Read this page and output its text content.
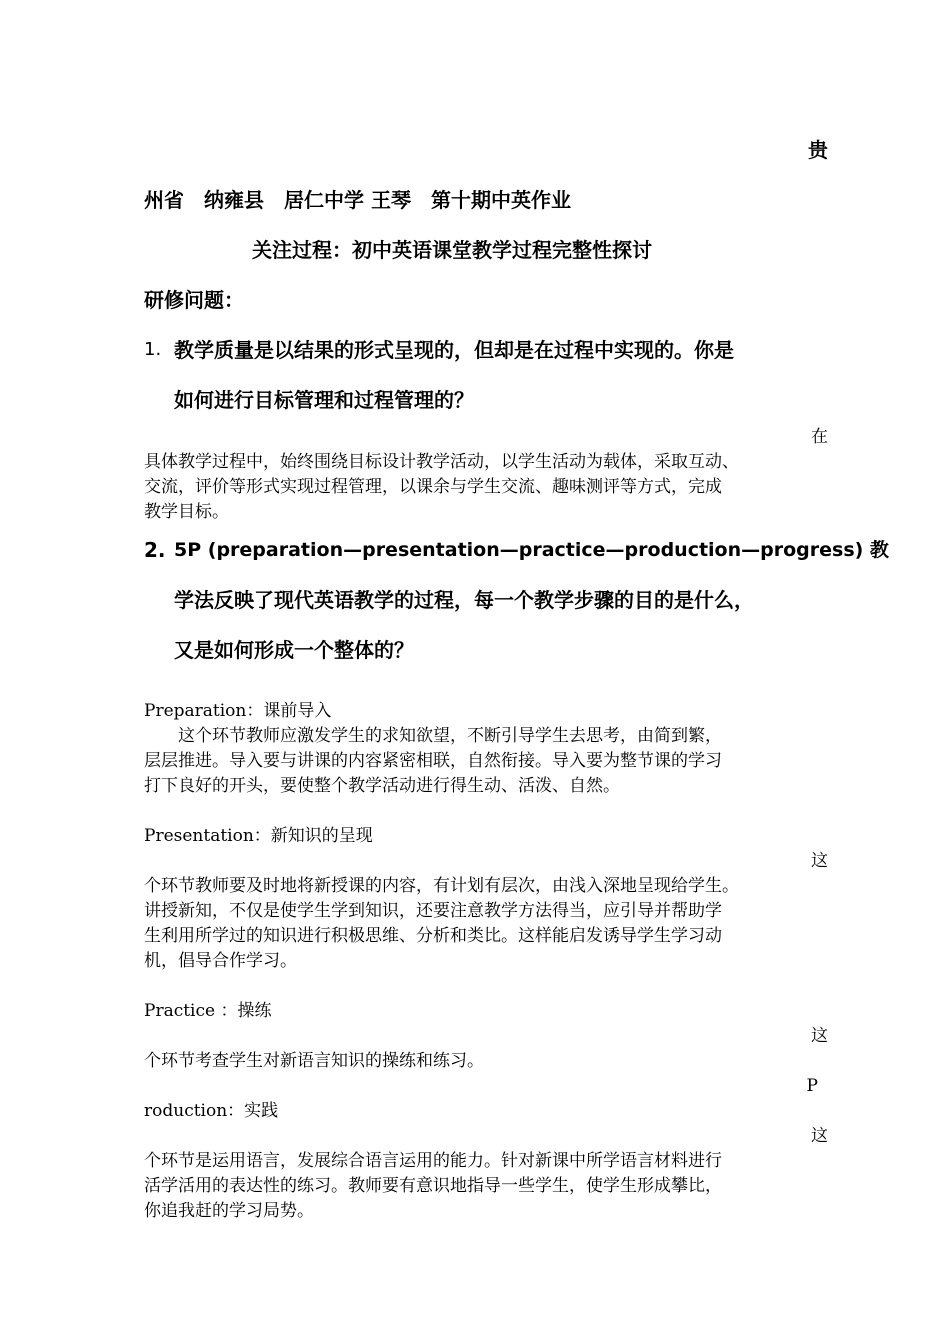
贵
州省　纳雍县　居仁中学 王琴　第十期中英作业
关注过程：初中英语课堂教学过程完整性探讨
研修问题：
1. 教学质量是以结果的形式呈现的，但却是在过程中实现的。你是
如何进行目标管理和过程管理的？
在
具体教学过程中，始终围绕目标设计教学活动，以学生活动为载体，采取互动、
交流，评价等形式实现过程管理，以课余与学生交流、趣味测评等方式，完成
教学目标。
2. 5P (preparation—presentation—practice—production—progress) 教
学法反映了现代英语教学的过程，每一个教学步骤的目的是什么，
又是如何形成一个整体的？
Preparation：课前导入
　　这个环节教师应激发学生的求知欲望，不断引导学生去思考，由简到繁，
层层推进。导入要与讲课的内容紧密相联，自然衔接。导入要为整节课的学习
打下良好的开头，要使整个教学活动进行得生动、活泼、自然。
Presentation：新知识的呈现
这
个环节教师要及时地将新授课的内容，有计划有层次，由浅入深地呈现给学生。
讲授新知，不仅是使学生学到知识，还要注意教学方法得当，应引导并帮助学
生利用所学过的知识进行积极思维、分析和类比。这样能启发诱导学生学习动
机，倡导合作学习。
Practice ：操练
这
个环节考查学生对新语言知识的操练和练习。
P
roduction：实践
这
个环节是运用语言，发展综合语言运用的能力。针对新课中所学语言材料进行
活学活用的表达性的练习。教师要有意识地指导一些学生，使学生形成攀比，
你追我赶的学习局势。
